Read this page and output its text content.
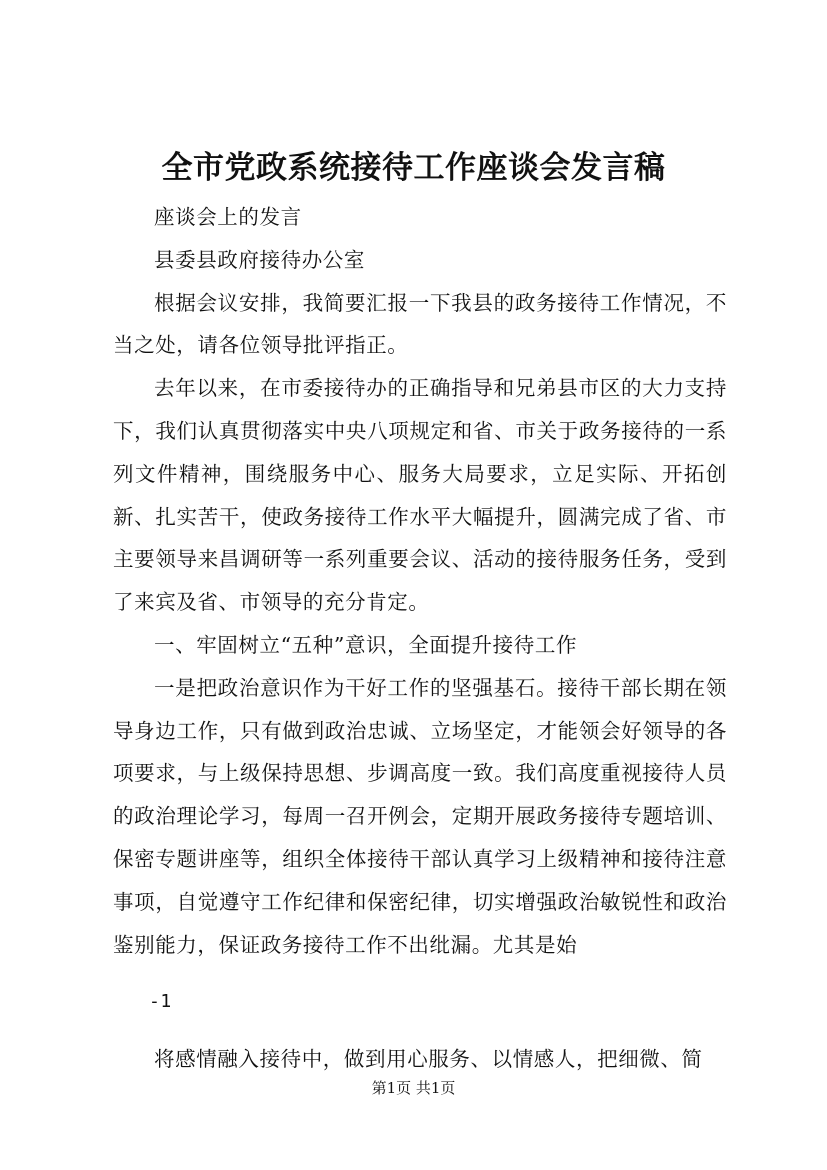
全市党政系统接待工作座谈会发言稿

座谈会上的发言

县委县政府接待办公室

根据会议安排，我简要汇报一下我县的政务接待工作情况，不当之处，请各位领导批评指正。

去年以来，在市委接待办的正确指导和兄弟县市区的大力支持下，我们认真贯彻落实中央八项规定和省、市关于政务接待的一系列文件精神，围绕服务中心、服务大局要求，立足实际、开拓创新、扎实苦干，使政务接待工作水平大幅提升，圆满完成了省、市主要领导来昌调研等一系列重要会议、活动的接待服务任务，受到了来宾及省、市领导的充分肯定。

一、牢固树立“五种”意识，全面提升接待工作

一是把政治意识作为干好工作的坚强基石。接待干部长期在领导身边工作，只有做到政治忠诚、立场坚定，才能领会好领导的各项要求，与上级保持思想、步调高度一致。我们高度重视接待人员的政治理论学习，每周一召开例会，定期开展政务接待专题培训、保密专题讲座等，组织全体接待干部认真学习上级精神和接待注意事项，自觉遵守工作纪律和保密纪律，切实增强政治敏锐性和政治鉴别能力，保证政务接待工作不出纰漏。尤其是始

-1

将感情融入接待中，做到用心服务、以情感人，把细微、简

第1页 共1页
